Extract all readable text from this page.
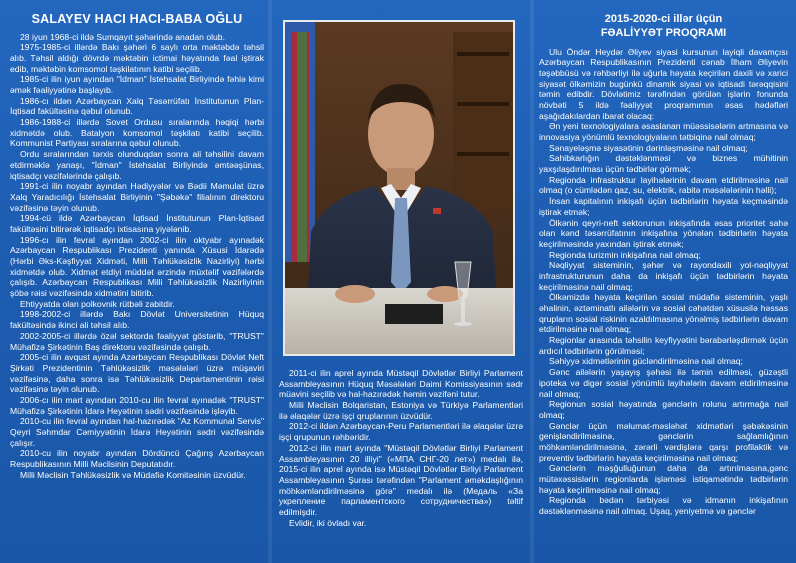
SALAYEV HACI HACI-BABA OĞLU

28 iyun 1968-ci ildə Sumqayıt şəhərində anadan olub.

1975-1985-ci illərdə Bakı şəhəri 6 saylı orta məktəbdə təhsil alıb. Təhsil aldığı dövrdə məktəbin ictimai həyatında fəal iştirak edib, məktəbin komsomol təşkilatının katibi seçilib.

1985-ci ilin iyun ayından "İdman" İstehsalat Birliyində fəhlə kimi əmək fəaliyyətinə başlayıb.

1986-cı ildən Azərbaycan Xalq Təsərrüfatı İnstitutunun Plan-İqtisad fakültəsinə qəbul olunub.

1986-1988-ci illərdə Sovet Ordusu sıralarında həqiqi hərbi xidmətdə olub. Batalyon komsomol təşkilatı katibi seçilib. Kommunist Partiyası sıralarına qəbul olunub.

Ordu sıralarından tərxis olunduqdan sonra ali təhsilini davam etdirməklə yanaşı, "İdman" İstehsalat Birliyində əmtəəşünas, iqtisadçı vəzifələrində çalışıb.

1991-ci ilin noyabr ayından Hədiyyələr və Bədii Məmulat üzrə Xalq Yaradıcılığı İstehsalat Birliyinin "Şəbəkə" filialının direktoru vəzifəsinə təyin olunub.

1994-cü ildə Azərbaycan İqtisad İnstitutunun Plan-İqtisad fakültəsini bitirərək iqtisadçı ixtisasına yiyələnib.

1996-cı ilin fevral ayından 2002-ci ilin oktyabr ayınadək Azərbaycan Respublikası Prezidenti yanında Xüsusi İdarədə (Hərbi Əks-Kəşfiyyat Xidməti, Milli Təhlükəsizlik Nazirliyi) hərbi xidmətdə olub. Xidmət etdiyi müddət ərzində müxtəlif vəzifələrdə çalışıb. Azərbaycan Respublikası Milli Təhlükəsizlik Nazirliyinin şöbə rəisi vəzifəsində xidmətini bitirib.

Ehtiyyatda olan polkovnik rütbəli zabitdir.

1998-2002-ci illərdə Bakı Dövlət Universitetinin Hüquq fakültəsində ikinci ali təhsil alıb.

2002-2005-ci illərdə özəl sektorda fəaliyyət göstərib, "TRUST" Mühafizə Şirkətinin Baş direktoru vəzifəsində çalışıb.

2005-ci ilin avqust ayında Azərbaycan Respublikası Dövlət Neft Şirkəti Prezidentinin Təhlükəsizlik məsələləri üzrə müşaviri vəzifəsinə, daha sonra isə Təhlükəsizlik Departamentinin rəisi vəzifəsinə təyin olunub.

2006-cı ilin mart ayından 2010-cu ilin fevral ayınadək "TRUST" Mühafizə Şirkətinin İdarə Heyətinin sədri vəzifəsində işləyib.

2010-cu ilin fevral ayından hal-hazırədək "Az Kommunal Servis" Qeyri Səhmdar Cəmiyyətinin İdarə Heyətinin sədri vəzifəsində çalışır.

2010-cu ilin noyabr ayından Dördüncü Çağırış Azərbaycan Respublikasının Milli Məclisinin Deputatıdır.

Milli Məclisin Təhlükəsizlik və Müdafiə Komitəsinin üzvüdür.

2011-ci ilin aprel ayında Müstəqil Dövlətlər Birliyi Parlament Assambleyasının Hüquq Məsələləri Daimi Komissiyasının sədr müavini seçilib və hal-hazırədək həmin vəzifəni tutur.

Milli Məclisin Bolqaristan, Estoniya və Türkiyə Parlamentləri ilə əlaqələr üzrə işçi qruplarının üzvüdür.

2012-ci ildən Azərbaycan-Peru Parlamentləri ilə əlaqələr üzrə işçi qrupunun rəhbəridir.

2012-ci ilin mart ayında "Müstəqil Dövlətlər Birliyi Parlament Assambleyasının 20 illiyi" («МПА СНГ-20 лет») medalı ilə, 2015-ci ilin aprel ayında isə Müstəqil Dövlətlər Birliyi Parlament Assambleyasının Şurası tərəfindən "Parlament əməkdaşlığının möhkəmləndirilməsinə görə" medalı ilə (Медаль «За укрепление парламентского сотрудничества») təltif edilmişdir.

Evlidir, iki övladı var.

2015-2020-ci illər üçün
FƏALİYYƏT PROQRAMI

Ulu Öndər Heydər Əliyev siyasi kursunun layiqli davamçısı Azərbaycan Respublikasının Prezidenti cənab İlham Əliyevin təşəbbüsü və rəhbərliyi ilə uğurla həyata keçirilən daxili və xarici siyasət ölkəmizin bugünkü dinamik siyasi və iqtisadi tərəqqisini təmin edibdir. Dövlətimiz tərəfindən görülən işlərin fonunda növbəti 5 ildə fəaliyyət proqramımın əsas hədəfləri aşağıdakılardan ibarət olacaq:

Ən yeni texnologiyalara əsaslanan müəssisələrin artmasına və innovasiya yönümlü texnologiyaların tətbiqinə nail olmaq;

Sənayeləşmə siyasətinin dərinləşməsinə nail olmaq;

Sahibkarlığın dəstəklənməsi və biznes mühitinin yaxşılaşdırılması üçün tədbirlər görmək;

Regionda infrastruktur layihələrinin davam etdirilməsinə nail olmaq (o cümlədən qaz, su, elektrik, rabitə məsələlərinin həlli);

İnsan kapitalının inkişafı üçün tədbirlərin həyata keçməsində iştirak etmək;

Ölkənin qeyri-neft sektorunun inkişafında əsas prioritet sahə olan kənd təsərrüfatının inkişafına yönələn tədbirlərin həyata keçirilməsində yaxından iştirak etmək;

Regionda turizmin inkişafına nail olmaq;

Nəqliyyat sisteminin, şəhər və rayondaxili yol-nəqliyyat infrastrukturunun daha da inkişafı üçün tədbirlərin həyata keçirilməsinə nail olmaq;

Ölkəmizdə həyata keçirilən sosial müdafiə sisteminin, yaşlı əhalinin, əztəminatlı ailələrin və sosial cəhətdən xüsusilə həssas qrupların sosial riskinin azaldılmasına yönəlmiş tədbirlərin davam etdirilməsinə nail olmaq;

Regionlar arasında təhsilin keyfiyyətini bərabərləşdirmək üçün ardıcıl tədbirlərin görülməsi;

Səhiyyə xidmətlərinin gücləndirilməsinə nail olmaq;

Gənc ailələrin yaşayış şəhəsi ilə təmin edilməsi, güzəştli ipoteka və digər sosial yönümlü layihələrin davam etdirilməsinə nail olmaq;

Regionun sosial həyatında gənclərin rolunu artırmağa nail olmaq;

Gənclər üçün məlumat-məsləhət xidmətləri şəbəkəsinin genişləndirilməsinə, gənclərin sağlamlığının möhkəmləndirilməsinə, zərərli vərdişlərə qarşı profilaktik və preventiv tədbirlərin həyata keçirilməsinə nail olmaq;

Gənclərin məşğulluğunun daha da artırılmasına,gənc mütəxəssislərin regionlarda işləməsi istiqamətində tədbirlərin həyata keçirilməsinə nail olmaq;

Regionda bədən tərbiyəsi və idmanın inkişafının dəstəklənməsinə nail olmaq. Uşaq, yeniyetmə və gənclər
